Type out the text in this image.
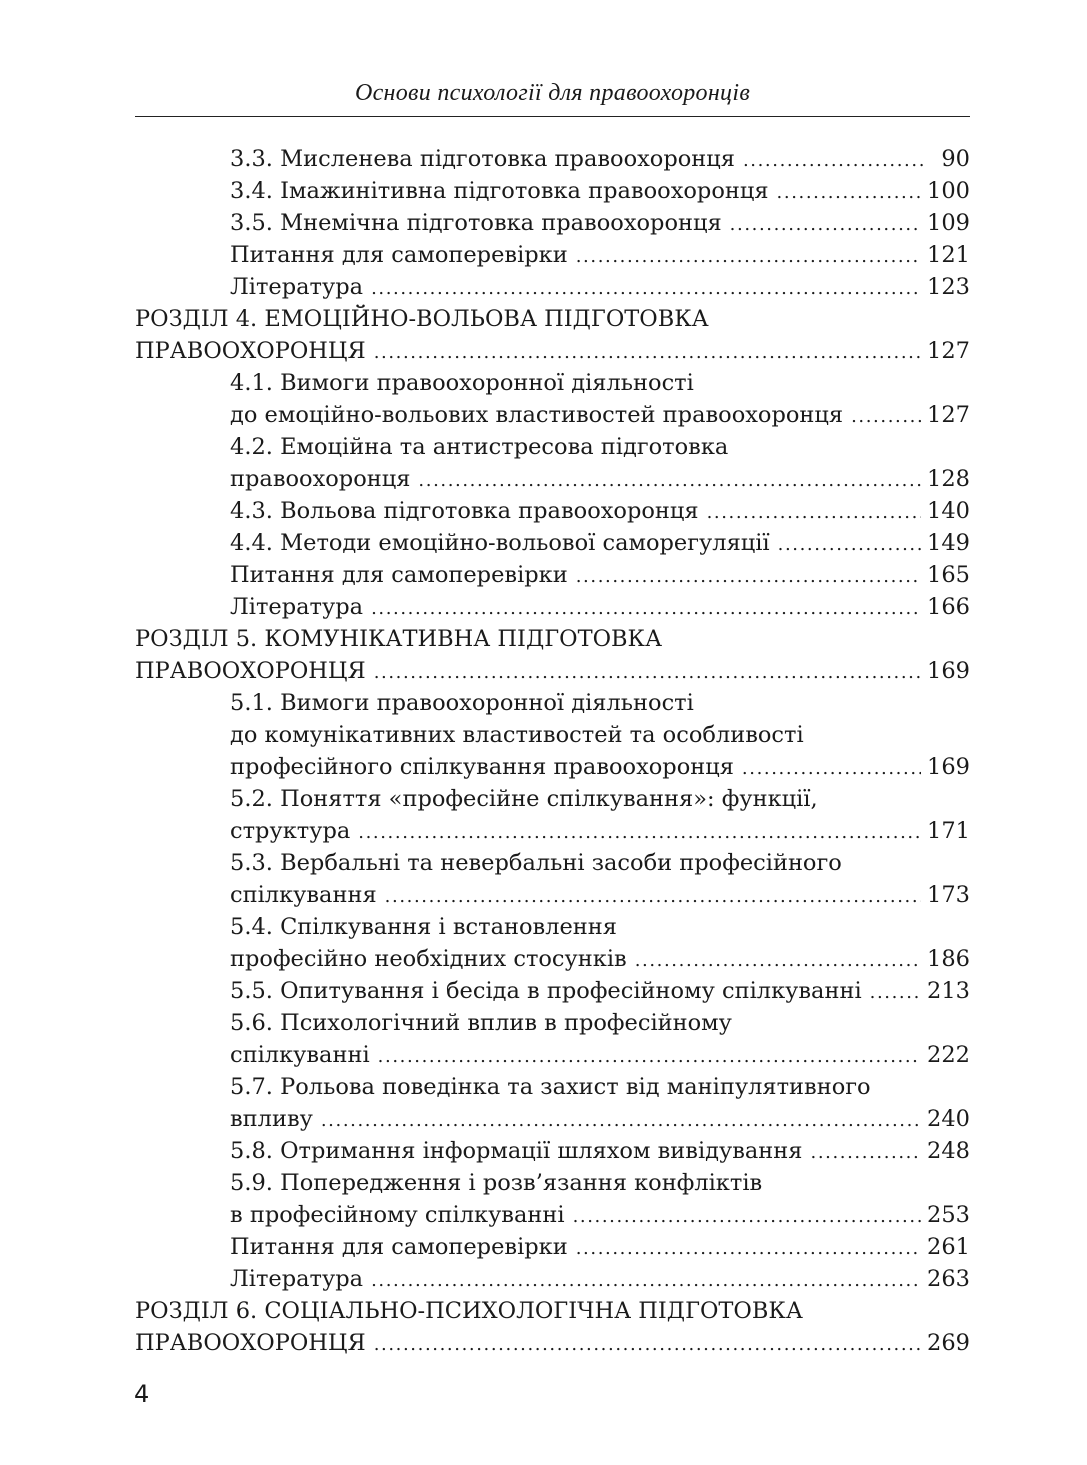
Основи психології для правоохоронців
3.3. Мисленева підготовка правоохоронця .....	90
3.4. Імажинітивна підготовка правоохоронця .....	100
3.5. Мнемічна підготовка правоохоронця .....	109
Питання для самоперевірки .....	121
Література .....	123
РОЗДІЛ 4. ЕМОЦІЙНО-ВОЛЬОВА ПІДГОТОВКА
ПРАВООХОРОНЦЯ .....	127
4.1. Вимоги правоохоронної діяльності
до емоційно-вольових властивостей правоохоронця .....	127
4.2. Емоційна та антистресова підготовка
правоохоронця .....	128
4.3. Вольова підготовка правоохоронця .....	140
4.4. Методи емоційно-вольової саморегуляції .....	149
Питання для самоперевірки .....	165
Література .....	166
РОЗДІЛ 5. КОМУНІКАТИВНА ПІДГОТОВКА
ПРАВООХОРОНЦЯ .....	169
5.1. Вимоги правоохоронної діяльності
до комунікативних властивостей та особливості
професійного спілкування правоохоронця .....	169
5.2. Поняття «професійне спілкування»: функції,
структура .....	171
5.3. Вербальні та невербальні засоби професійного
спілкування .....	173
5.4. Спілкування і встановлення
професійно необхідних стосунків .....	186
5.5. Опитування і бесіда в професійному спілкуванні .....	213
5.6. Психологічний вплив в професійному
спілкуванні .....	222
5.7. Рольова поведінка та захист від маніпулятивного
впливу .....	240
5.8. Отримання інформації шляхом вивідування .....	248
5.9. Попередження і розв’язання конфліктів
в професійному спілкуванні .....	253
Питання для самоперевірки .....	261
Література .....	263
РОЗДІЛ 6. СОЦІАЛЬНО-ПСИХОЛОГІЧНА ПІДГОТОВКА
ПРАВООХОРОНЦЯ .....	269
4
